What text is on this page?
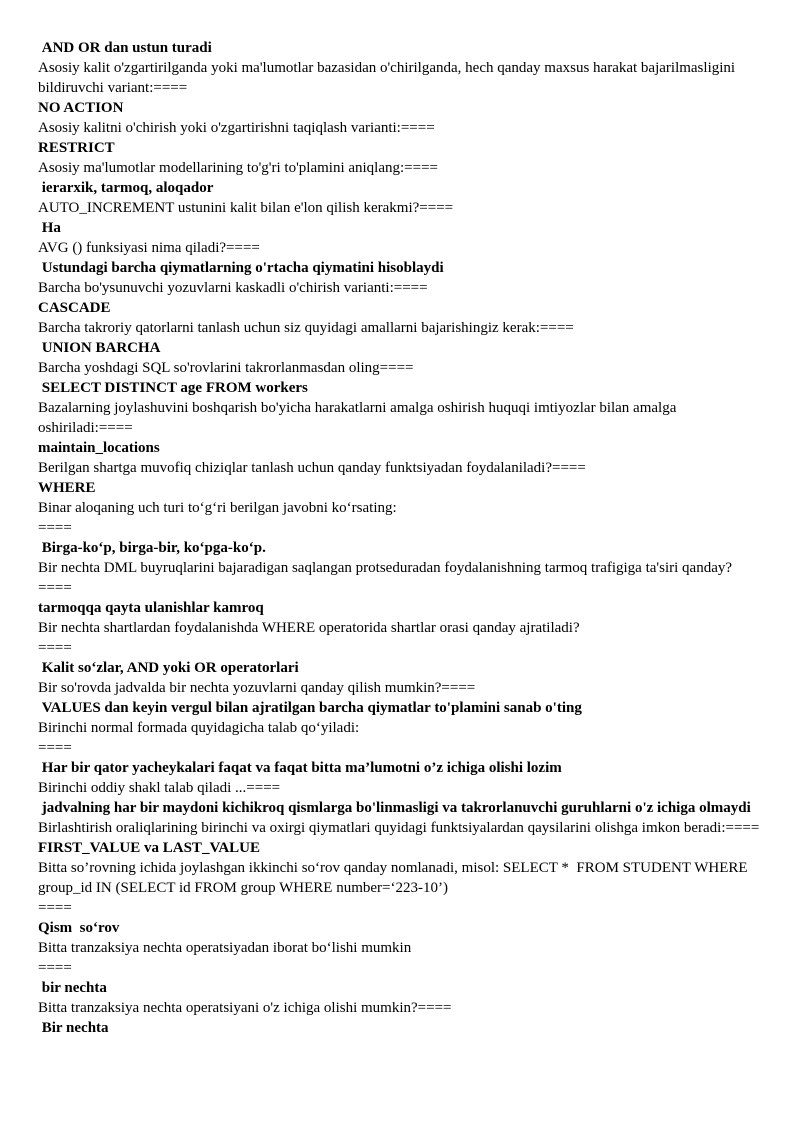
AND OR dan ustun turadi
Asosiy kalit o'zgartirilganda yoki ma'lumotlar bazasidan o'chirilganda, hech qanday maxsus harakat bajarilmasligini bildiruvchi variant:====
NO ACTION
Asosiy kalitni o'chirish yoki o'zgartirishni taqiqlash varianti:====
RESTRICT
Asosiy ma'lumotlar modellarining to'g'ri to'plamini aniqlang:====
ierarxik, tarmoq, aloqador
AUTO_INCREMENT ustunini kalit bilan e'lon qilish kerakmi?====
Ha
AVG () funksiyasi nima qiladi?====
Ustundagi barcha qiymatlarning o'rtacha qiymatini hisoblaydi
Barcha bo'ysunuvchi yozuvlarni kaskadli o'chirish varianti:====
CASCADE
Barcha takroriy qatorlarni tanlash uchun siz quyidagi amallarni bajarishingiz kerak:====
UNION BARCHA
Barcha yoshdagi SQL so'rovlarini takrorlanmasdan oling====
SELECT DISTINCT age FROM workers
Bazalarning joylashuvini boshqarish bo'yicha harakatlarni amalga oshirish huquqi imtiyozlar bilan amalga oshiriladi:====
maintain_locations
Berilgan shartga muvofiq chiziqlar tanlash uchun qanday funktsiyadan foydalaniladi?====
WHERE
Binar aloqaning uch turi to‘g‘ri berilgan javobni ko‘rsating:
====
Birga-ko‘p, birga-bir, ko‘pga-ko‘p.
Bir nechta DML buyruqlarini bajaradigan saqlangan protseduradan foydalanishning tarmoq trafigiga ta'siri qanday?====
tarmoqqa qayta ulanishlar kamroq
Bir nechta shartlardan foydalanishda WHERE operatorida shartlar orasi qanday ajratiladi?
====
Kalit so‘zlar, AND yoki OR operatorlari
Bir so'rovda jadvalda bir nechta yozuvlarni qanday qilish mumkin?====
VALUES dan keyin vergul bilan ajratilgan barcha qiymatlar to'plamini sanab o'ting
Birinchi normal formada quyidagicha talab qo‘yiladi:
====
Har bir qator yacheykalari faqat va faqat bitta ma’lumotni o’z ichiga olishi lozim
Birinchi oddiy shakl talab qiladi ...====
jadvalning har bir maydoni kichikroq qismlarga bo'linmasligi va takrorlanuvchi guruhlarni o'z ichiga olmaydi
Birlashtirish oraliqlarining birinchi va oxirgi qiymatlari quyidagi funktsiyalardan qaysilarini olishga imkon beradi:====
FIRST_VALUE va LAST_VALUE
Bitta so’rovning ichida joylashgan ikkinchi so‘rov qanday nomlanadi, misol: SELECT *  FROM STUDENT WHERE group_id IN (SELECT id FROM group WHERE number=‘223-10’)
====
Qism  so‘rov
Bitta tranzaksiya nechta operatsiyadan iborat bo‘lishi mumkin
====
bir nechta
Bitta tranzaksiya nechta operatsiyani o'z ichiga olishi mumkin?====
Bir nechta
